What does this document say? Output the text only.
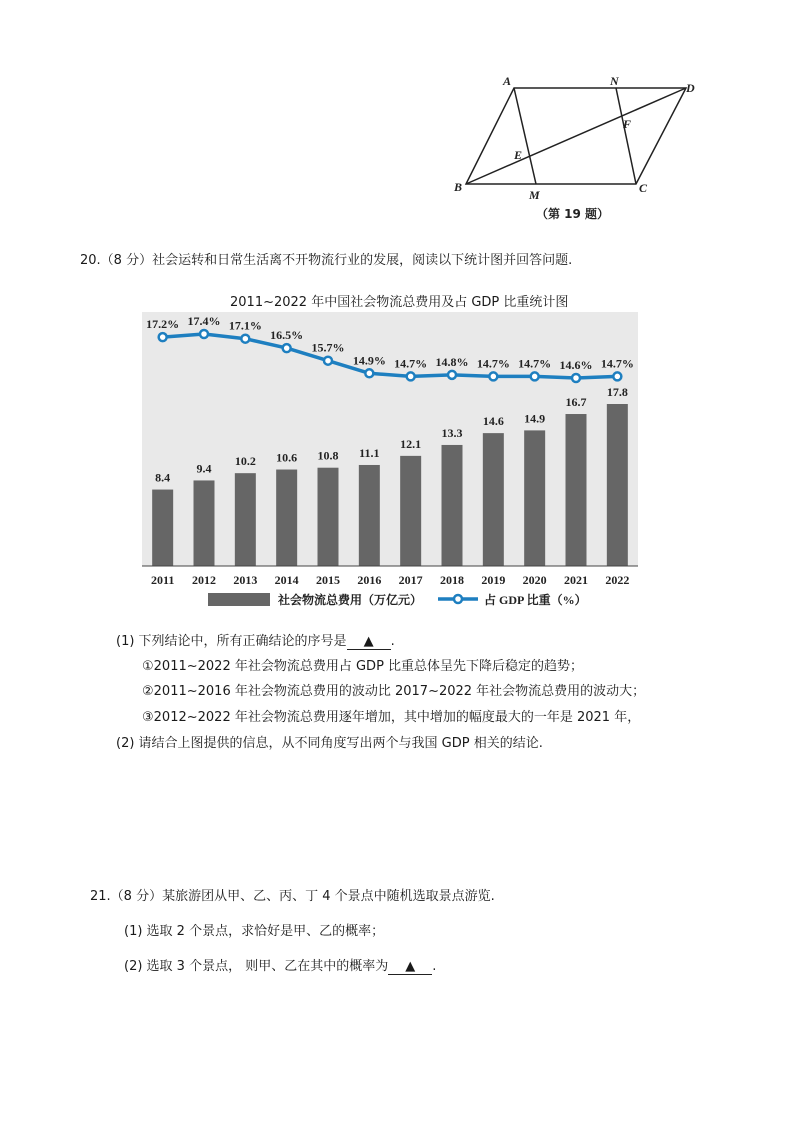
A	N	D
F
E
B
M	C
（第 19 题）
20.（8 分）社会运转和日常生活离不开物流行业的发展，阅读以下统计图并回答问题.
2011~2022 年中国社会物流总费用及占 GDP 比重统计图
8.4
2011
9.4
2012
10.2
2013
10.6
2014
10.8
2015
11.1
2016
12.1
2017
13.3
2018
14.6
2019
14.9
2020
16.7
2021
17.8
2022
17.2% 17.4% 17.1%
16.5%
15.7%
14.9% 14.7% 14.8% 14.7% 14.7% 14.6% 14.7%
社会物流总费用（万亿元）	占 GDP 比重（%）
(1) 下列结论中，所有正确结论的序号是 ▲ .
①2011~2022 年社会物流总费用占 GDP 比重总体呈先下降后稳定的趋势；
②2011~2016 年社会物流总费用的波动比 2017~2022 年社会物流总费用的波动大；
③2012~2022 年社会物流总费用逐年增加，其中增加的幅度最大的一年是 2021 年，
(2) 请结合上图提供的信息，从不同角度写出两个与我国 GDP 相关的结论.
21.（8 分）某旅游团从甲、乙、丙、丁 4 个景点中随机选取景点游览.
(1) 选取 2 个景点，求恰好是甲、乙的概率；
(2) 选取 3 个景点， 则甲、乙在其中的概率为 ▲ .
